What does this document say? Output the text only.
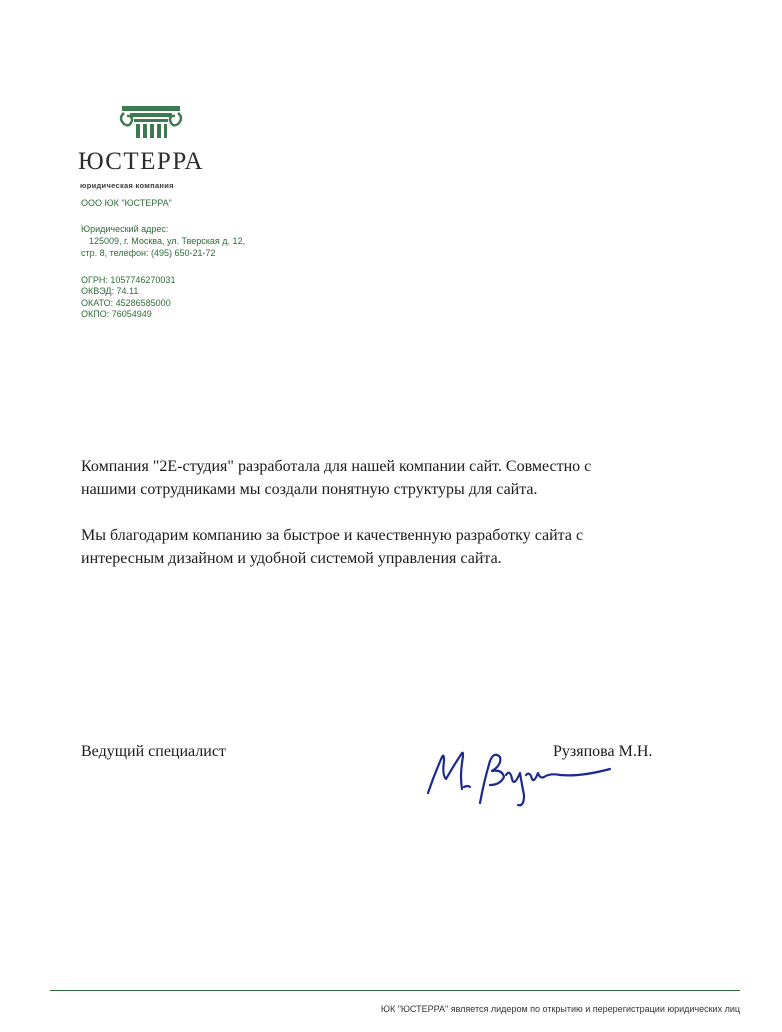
ЮСТЕРРА
юридическая компания
ООО ЮК "ЮСТЕРРА"
Юридический адрес:
125009, г. Москва, ул. Тверская д. 12,
стр. 8, телефон: (495) 650-21-72
ОГРН: 1057746270031
ОКВЭД: 74.11
ОКАТО: 45286585000
ОКПО: 76054949
Компания "2Е-студия" разработала для нашей компании сайт. Совместно с
нашими сотрудниками мы создали понятную структуры для сайта.
Мы благодарим компанию за быстрое и качественную разработку сайта с
интересным дизайном и удобной системой управления сайта.
Ведущий специалист	Рузяпова М.Н.
ЮК "ЮСТЕРРА" является лидером по открытию и перерегистрации юридических лиц
